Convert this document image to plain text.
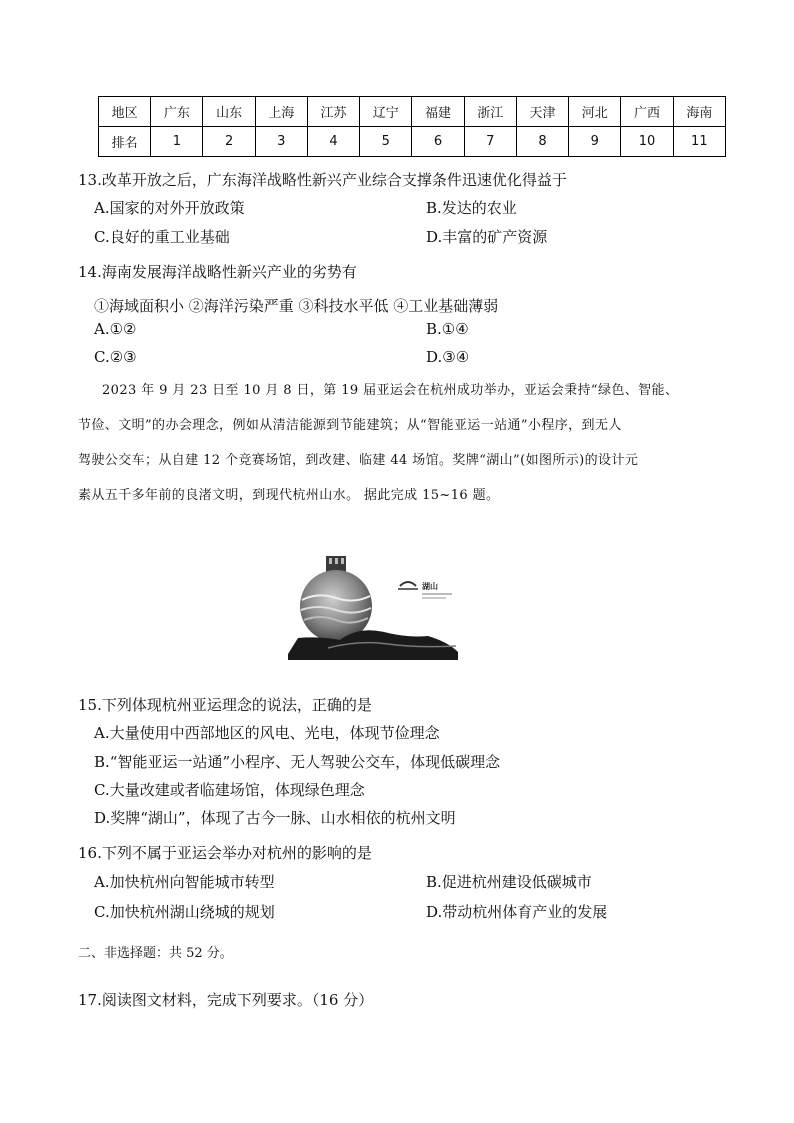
地区	广东	山东	上海	江苏	辽宁	福建	浙江	天津	河北	广西	海南
排名	1	2	3	4	5	6	7	8	9	10	11
13.改革开放之后，广东海洋战略性新兴产业综合支撑条件迅速优化得益于
A.国家的对外开放政策	B.发达的农业
C.良好的重工业基础	D.丰富的矿产资源
14.海南发展海洋战略性新兴产业的劣势有
①海域面积小 ②海洋污染严重 ③科技水平低 ④工业基础薄弱
A.①②	B.①④
C.②③	D.③④
2023 年 9 月 23 日至 10 月 8 日，第 19 届亚运会在杭州成功举办，亚运会秉持“绿色、智能、
节俭、文明”的办会理念，例如从清洁能源到节能建筑；从“智能亚运一站通”小程序，到无人
驾驶公交车；从自建 12 个竞赛场馆，到改建、临建 44 场馆。奖牌“湖山”(如图所示)的设计元
素从五千多年前的良渚文明，到现代杭州山水。 据此完成 15~16 题。
湖山
15.下列体现杭州亚运理念的说法，正确的是
A.大量使用中西部地区的风电、光电，体现节俭理念
B.“智能亚运一站通”小程序、无人驾驶公交车，体现低碳理念
C.大量改建或者临建场馆，体现绿色理念
D.奖牌“湖山”，体现了古今一脉、山水相依的杭州文明
16.下列不属于亚运会举办对杭州的影响的是
A.加快杭州向智能城市转型	B.促进杭州建设低碳城市
C.加快杭州湖山绕城的规划	D.带动杭州体育产业的发展
二、非选择题：共 52 分。
17.阅读图文材料，完成下列要求。（16 分）
